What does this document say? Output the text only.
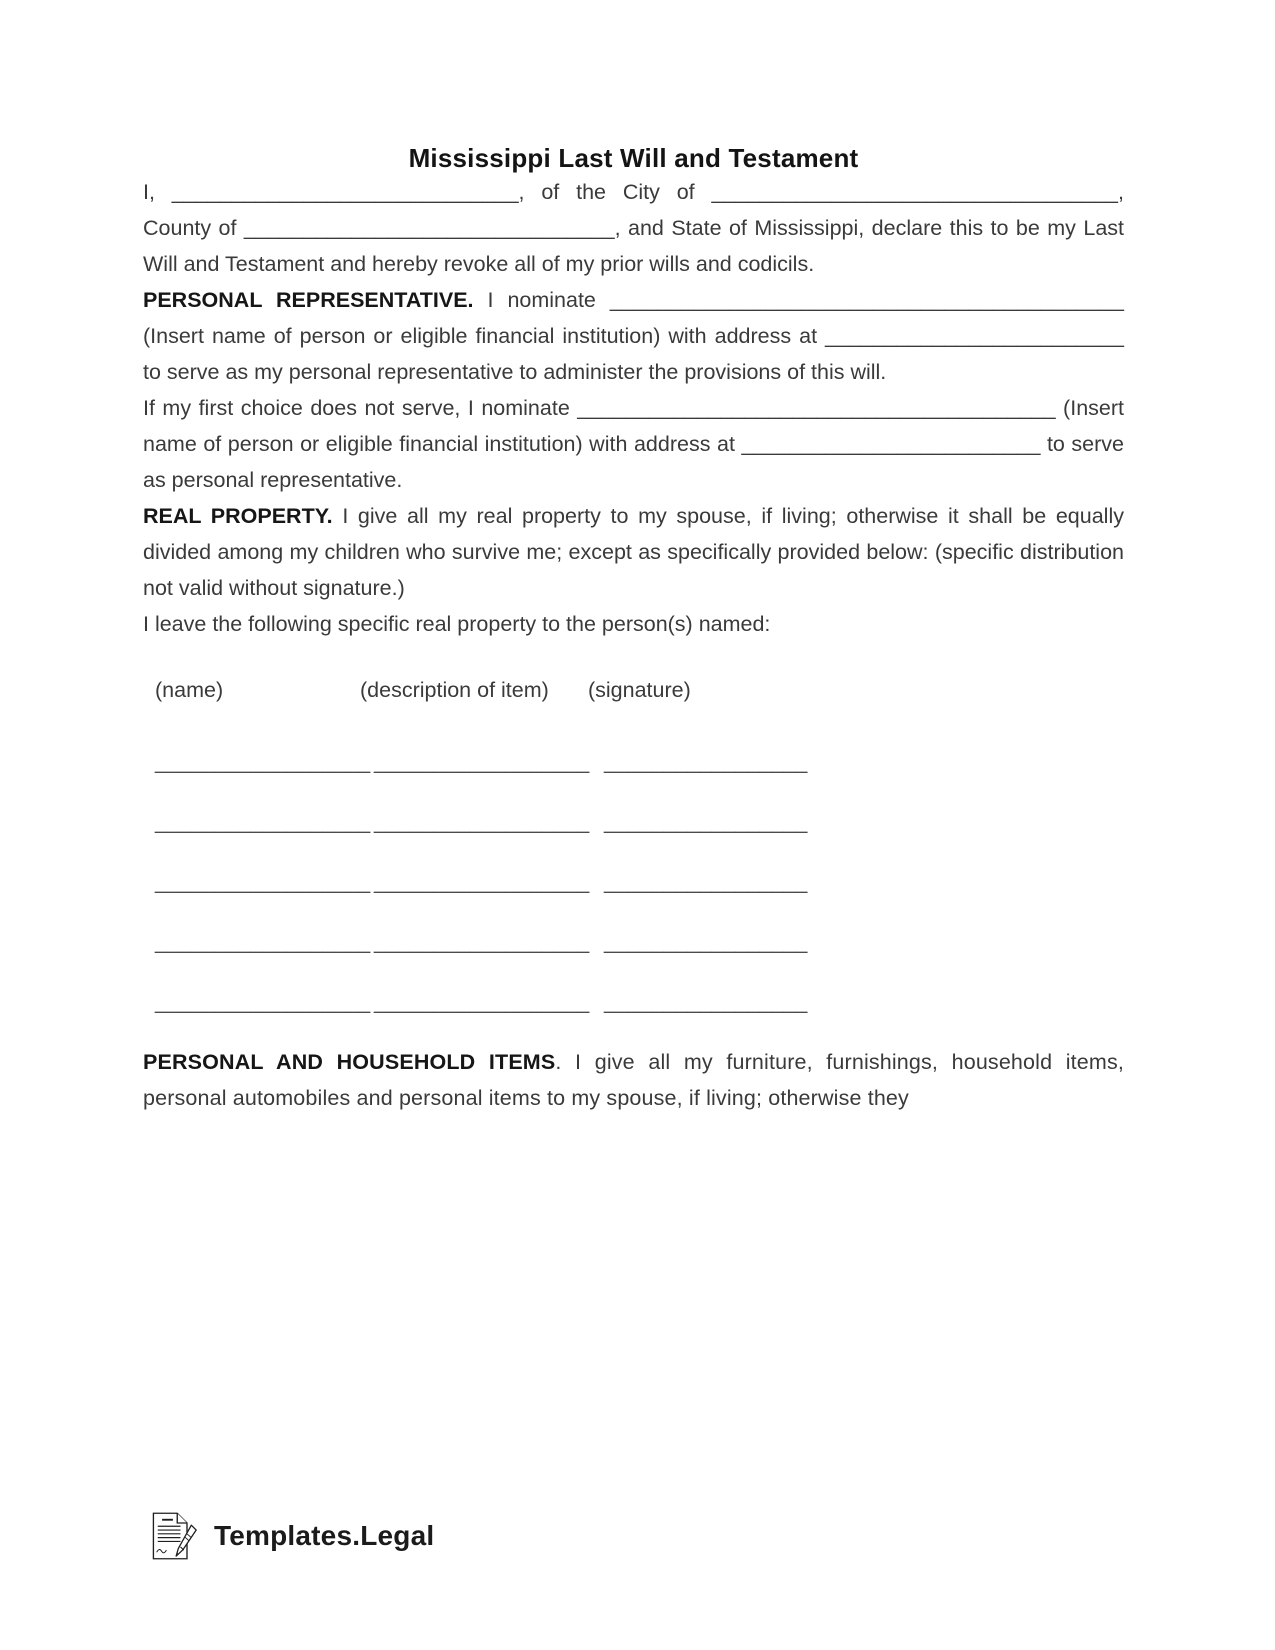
Mississippi Last Will and Testament

I, _____________________________, of the City of __________________________________, County of _______________________________, and State of Mississippi, declare this to be my Last Will and Testament and hereby revoke all of my prior wills and codicils.

PERSONAL REPRESENTATIVE. I nominate ___________________________________________ (Insert name of person or eligible financial institution) with address at _________________________ to serve as my personal representative to administer the provisions of this will.

If my first choice does not serve, I nominate ________________________________________ (Insert name of person or eligible financial institution) with address at _________________________ to serve as personal representative.

REAL PROPERTY. I give all my real property to my spouse, if living; otherwise it shall be equally divided among my children who survive me; except as specifically provided below: (specific distribution not valid without signature.)

I leave the following specific real property to the person(s) named:

(name)	(description of item)	(signature)
__________________ __________________ _________________
__________________ __________________ _________________
__________________ __________________ _________________
__________________ __________________ _________________
__________________ __________________ _________________

PERSONAL AND HOUSEHOLD ITEMS. I give all my furniture, furnishings, household items, personal automobiles and personal items to my spouse, if living; otherwise they

Templates.Legal
